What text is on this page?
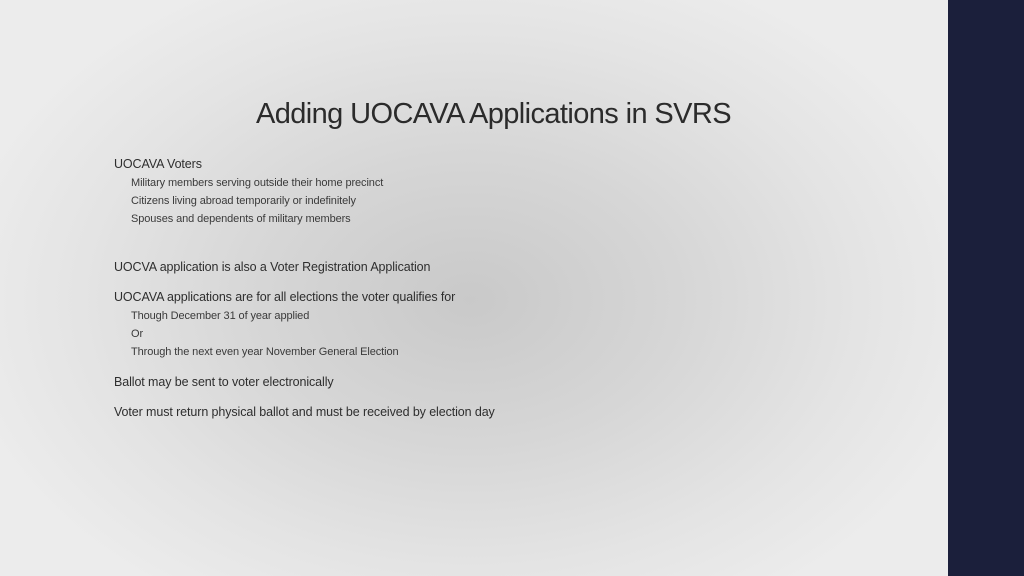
Adding UOCAVA Applications in SVRS
UOCAVA Voters
Military members serving outside their home precinct
Citizens living abroad temporarily or indefinitely
Spouses and dependents of military members
UOCVA application is also a Voter Registration Application
UOCAVA applications are for all elections the voter qualifies for
Though December 31 of year applied
Or
Through the next even year November General Election
Ballot may be sent to voter electronically
Voter must return physical ballot and must be received by election day
